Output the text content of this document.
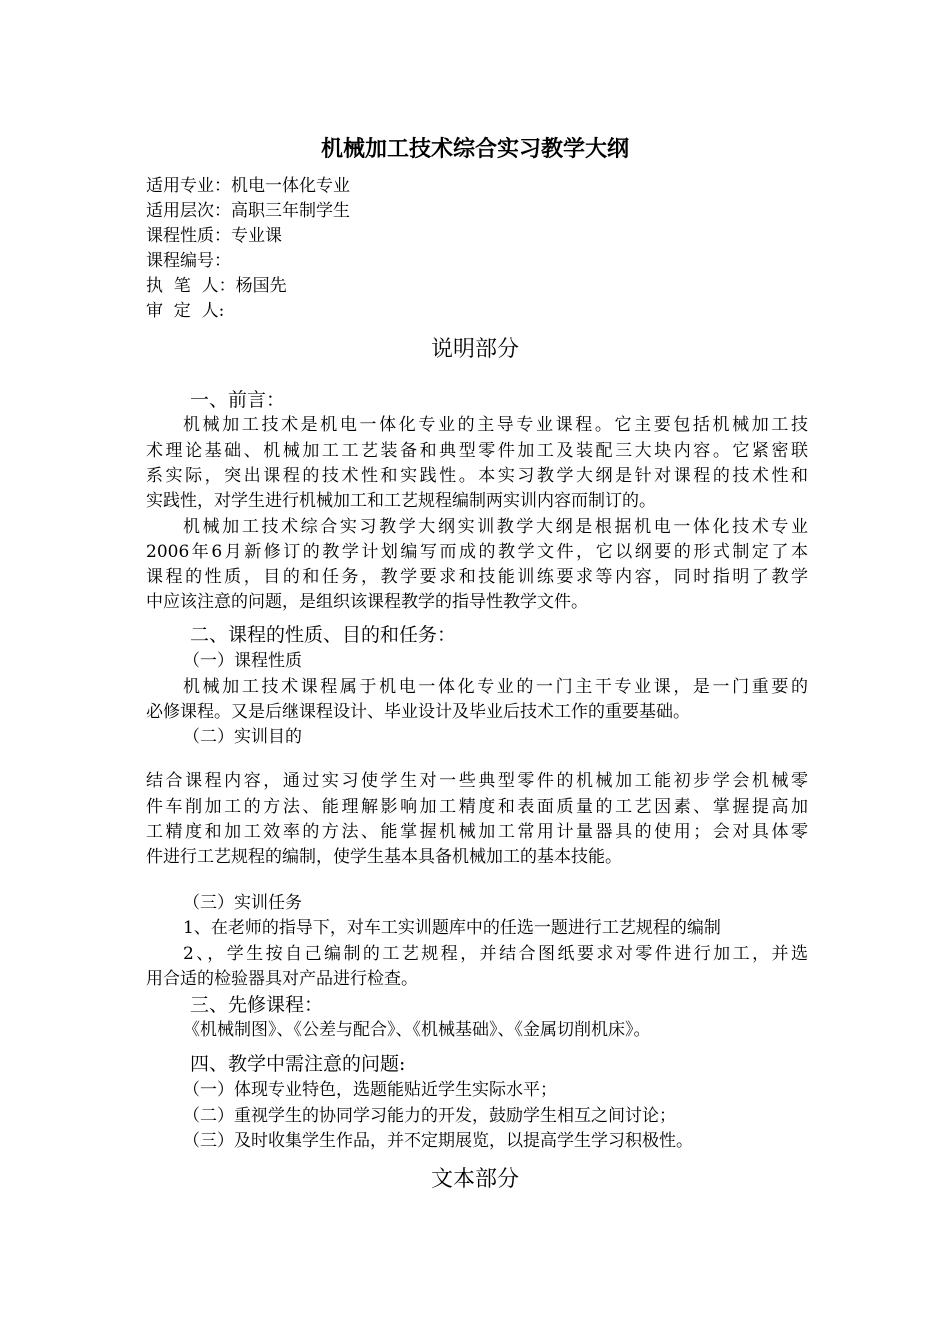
机械加工技术综合实习教学大纲
适用专业：机电一体化专业
适用层次：高职三年制学生
课程性质：专业课
课程编号：
执  笔  人：杨国先
审  定  人:
说明部分
一、前言：
机械加工技术是机电一体化专业的主导专业课程。它主要包括机械加工技
术理论基础、机械加工工艺装备和典型零件加工及装配三大块内容。它紧密联
系实际，突出课程的技术性和实践性。本实习教学大纲是针对课程的技术性和
实践性，对学生进行机械加工和工艺规程编制两实训内容而制订的。
机械加工技术综合实习教学大纲实训教学大纲是根据机电一体化技术专业
2006年6月新修订的教学计划编写而成的教学文件，它以纲要的形式制定了本
课程的性质，目的和任务，教学要求和技能训练要求等内容，同时指明了教学
中应该注意的问题，是组织该课程教学的指导性教学文件。
二、课程的性质、目的和任务：
（一）课程性质
机械加工技术课程属于机电一体化专业的一门主干专业课，是一门重要的
必修课程。又是后继课程设计、毕业设计及毕业后技术工作的重要基础。
（二）实训目的
结合课程内容，通过实习使学生对一些典型零件的机械加工能初步学会机械零
件车削加工的方法、能理解影响加工精度和表面质量的工艺因素、掌握提高加
工精度和加工效率的方法、能掌握机械加工常用计量器具的使用；会对具体零
件进行工艺规程的编制，使学生基本具备机械加工的基本技能。
（三）实训任务
1、在老师的指导下，对车工实训题库中的任选一题进行工艺规程的编制
2、，学生按自己编制的工艺规程，并结合图纸要求对零件进行加工，并选
用合适的检验器具对产品进行检查。
三、先修课程：
《机械制图》、《公差与配合》、《机械基础》、《金属切削机床》。
四、教学中需注意的问题:
（一）体现专业特色，选题能贴近学生实际水平；
（二）重视学生的协同学习能力的开发，鼓励学生相互之间讨论；
（三）及时收集学生作品，并不定期展览，以提高学生学习积极性。
文本部分
